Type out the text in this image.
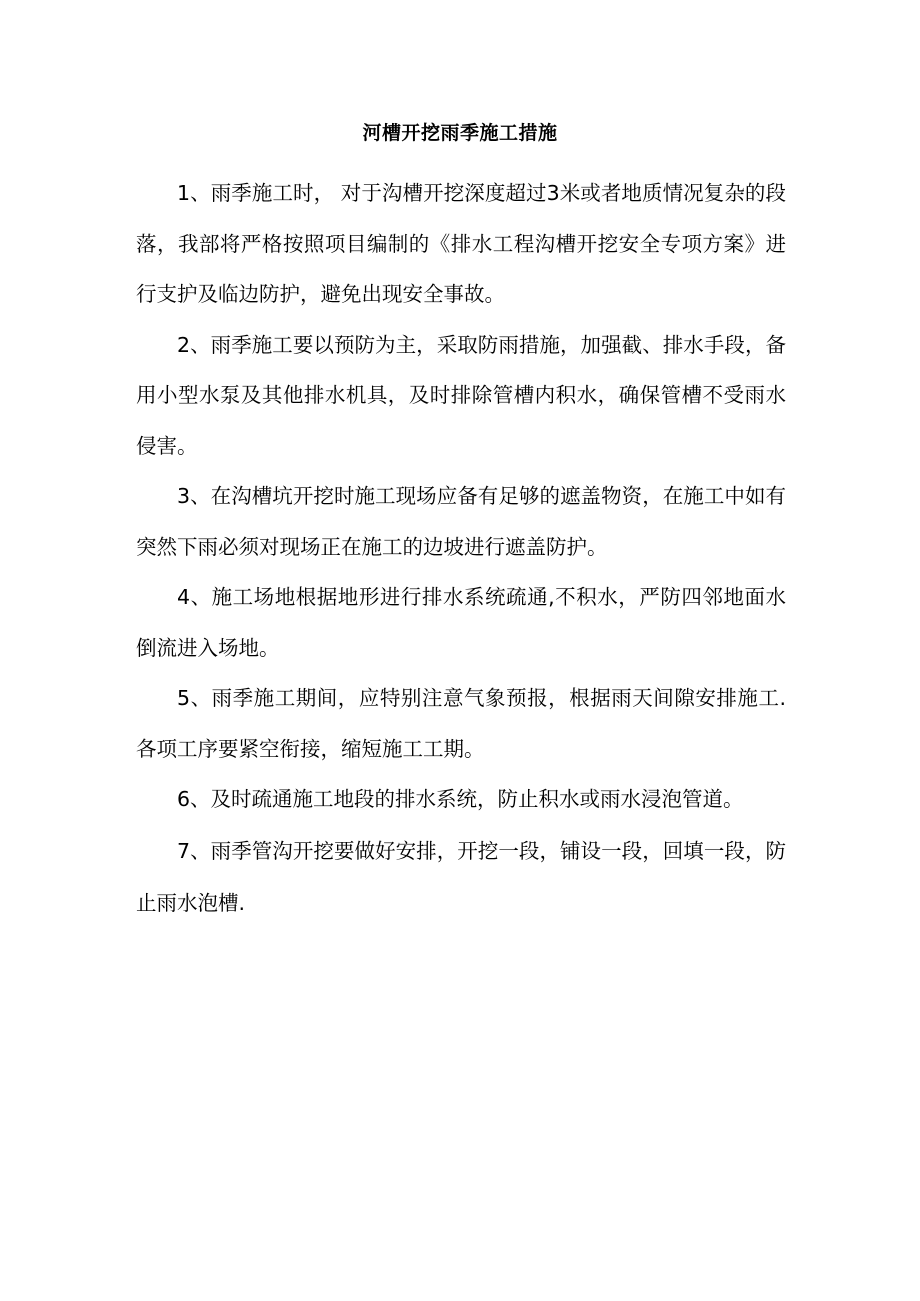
河槽开挖雨季施工措施

1、雨季施工时， 对于沟槽开挖深度超过3米或者地质情况复杂的段落，我部将严格按照项目编制的《排水工程沟槽开挖安全专项方案》进行支护及临边防护，避免出现安全事故。

2、雨季施工要以预防为主，采取防雨措施，加强截、排水手段，备用小型水泵及其他排水机具，及时排除管槽内积水，确保管槽不受雨水侵害。

3、在沟槽坑开挖时施工现场应备有足够的遮盖物资，在施工中如有突然下雨必须对现场正在施工的边坡进行遮盖防护。

4、施工场地根据地形进行排水系统疏通,不积水，严防四邻地面水倒流进入场地。

5、雨季施工期间，应特别注意气象预报，根据雨天间隙安排施工.各项工序要紧空衔接，缩短施工工期。

6、及时疏通施工地段的排水系统，防止积水或雨水浸泡管道。

7、雨季管沟开挖要做好安排，开挖一段，铺设一段，回填一段，防止雨水泡槽.
